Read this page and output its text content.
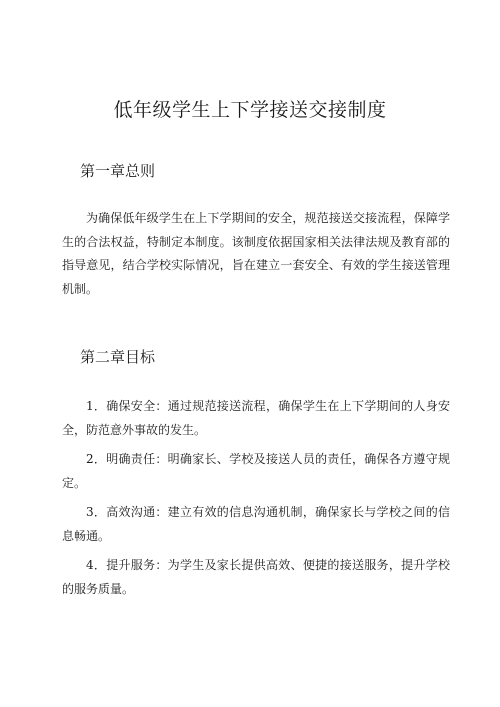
低年级学生上下学接送交接制度
第一章总则

为确保低年级学生在上下学期间的安全，规范接送交接流程，保障学生的合法权益，特制定本制度。该制度依据国家相关法律法规及教育部的指导意见，结合学校实际情况，旨在建立一套安全、有效的学生接送管理机制。

第二章目标

1．确保安全：通过规范接送流程，确保学生在上下学期间的人身安全，防范意外事故的发生。

2．明确责任：明确家长、学校及接送人员的责任，确保各方遵守规定。

3．高效沟通：建立有效的信息沟通机制，确保家长与学校之间的信息畅通。

4．提升服务：为学生及家长提供高效、便捷的接送服务，提升学校的服务质量。
